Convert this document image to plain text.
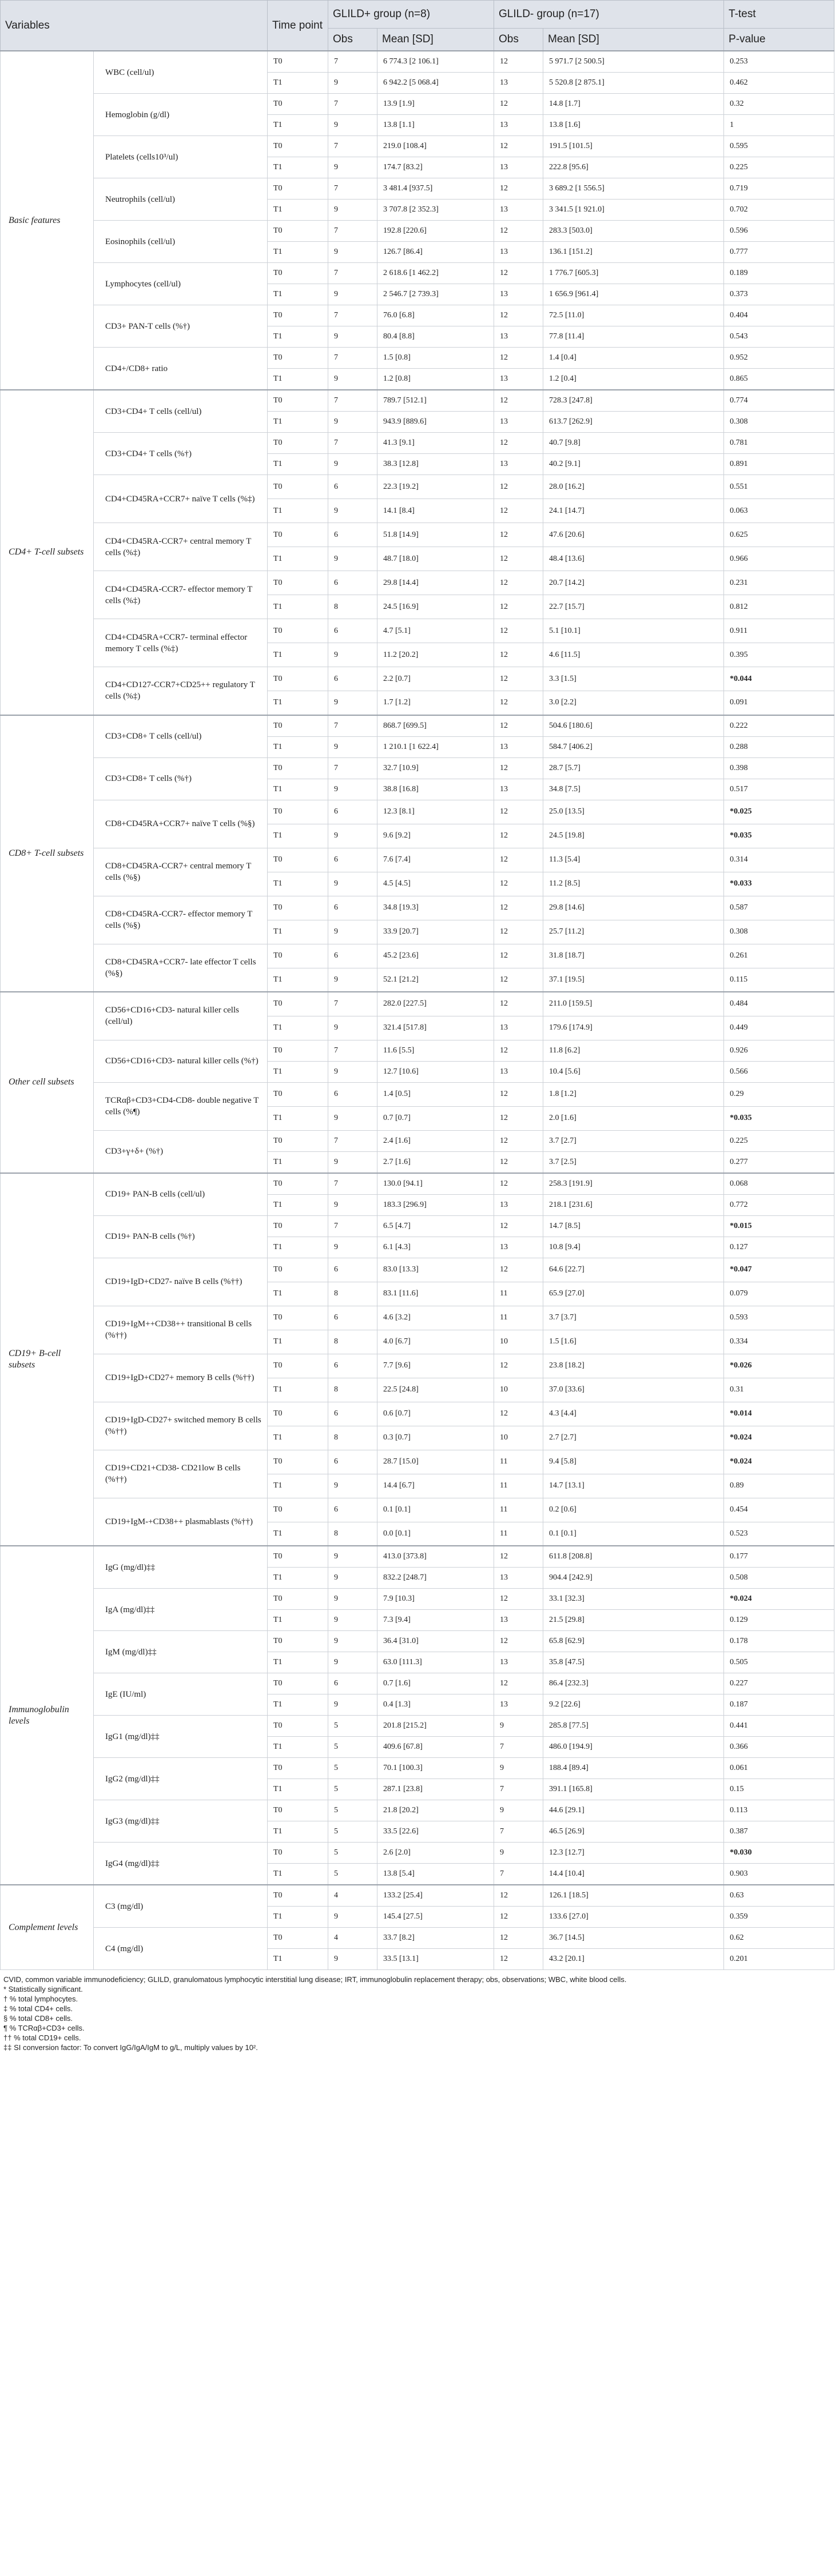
Variables		Time point	GLILD+ group (n=8)		GLILD- group (n=17)		T-test
			Obs	Mean [SD]	Obs	Mean [SD]	P-value
Basic features	WBC (cell/ul)	T0	7	6 774.3 [2 106.1]	12	5 971.7 [2 500.5]	0.253
		T1	9	6 942.2 [5 068.4]	13	5 520.8 [2 875.1]	0.462
	Hemoglobin (g/dl)	T0	7	13.9 [1.9]	12	14.8 [1.7]	0.32
		T1	9	13.8 [1.1]	13	13.8 [1.6]	1
	Platelets (cells10³/ul)	T0	7	219.0 [108.4]	12	191.5 [101.5]	0.595
		T1	9	174.7 [83.2]	13	222.8 [95.6]	0.225
	Neutrophils (cell/ul)	T0	7	3 481.4 [937.5]	12	3 689.2 [1 556.5]	0.719
		T1	9	3 707.8 [2 352.3]	13	3 341.5 [1 921.0]	0.702
	Eosinophils (cell/ul)	T0	7	192.8 [220.6]	12	283.3 [503.0]	0.596
		T1	9	126.7 [86.4]	13	136.1 [151.2]	0.777
	Lymphocytes (cell/ul)	T0	7	2 618.6 [1 462.2]	12	1 776.7 [605.3]	0.189
		T1	9	2 546.7 [2 739.3]	13	1 656.9 [961.4]	0.373
	CD3+ PAN-T cells (%†)	T0	7	76.0 [6.8]	12	72.5 [11.0]	0.404
		T1	9	80.4 [8.8]	13	77.8 [11.4]	0.543
	CD4+/CD8+ ratio	T0	7	1.5 [0.8]	12	1.4 [0.4]	0.952
		T1	9	1.2 [0.8]	13	1.2 [0.4]	0.865
CD4+ T-cell subsets	CD3+CD4+ T cells (cell/ul)	T0	7	789.7 [512.1]	12	728.3 [247.8]	0.774
		T1	9	943.9 [889.6]	13	613.7 [262.9]	0.308
	CD3+CD4+ T cells (%†)	T0	7	41.3 [9.1]	12	40.7 [9.8]	0.781
		T1	9	38.3 [12.8]	13	40.2 [9.1]	0.891
	CD4+CD45RA+CCR7+ naïve T cells (%‡)	T0	6	22.3 [19.2]	12	28.0 [16.2]	0.551
		T1	9	14.1 [8.4]	12	24.1 [14.7]	0.063
	CD4+CD45RA-CCR7+ central memory T cells (%‡)	T0	6	51.8 [14.9]	12	47.6 [20.6]	0.625
		T1	9	48.7 [18.0]	12	48.4 [13.6]	0.966
	CD4+CD45RA-CCR7- effector memory T cells (%‡)	T0	6	29.8 [14.4]	12	20.7 [14.2]	0.231
		T1	8	24.5 [16.9]	12	22.7 [15.7]	0.812
	CD4+CD45RA+CCR7- terminal effector memory T cells (%‡)	T0	6	4.7 [5.1]	12	5.1 [10.1]	0.911
		T1	9	11.2 [20.2]	12	4.6 [11.5]	0.395
	CD4+CD127-CCR7+CD25++ regulatory T cells (%‡)	T0	6	2.2 [0.7]	12	3.3 [1.5]	*0.044
		T1	9	1.7 [1.2]	12	3.0 [2.2]	0.091
CD8+ T-cell subsets	CD3+CD8+ T cells (cell/ul)	T0	7	868.7 [699.5]	12	504.6 [180.6]	0.222
		T1	9	1 210.1 [1 622.4]	13	584.7 [406.2]	0.288
	CD3+CD8+ T cells (%†)	T0	7	32.7 [10.9]	12	28.7 [5.7]	0.398
		T1	9	38.8 [16.8]	13	34.8 [7.5]	0.517
	CD8+CD45RA+CCR7+ naïve T cells (%§)	T0	6	12.3 [8.1]	12	25.0 [13.5]	*0.025
		T1	9	9.6 [9.2]	12	24.5 [19.8]	*0.035
	CD8+CD45RA-CCR7+ central memory T cells (%§)	T0	6	7.6 [7.4]	12	11.3 [5.4]	0.314
		T1	9	4.5 [4.5]	12	11.2 [8.5]	*0.033
	CD8+CD45RA-CCR7- effector memory T cells (%§)	T0	6	34.8 [19.3]	12	29.8 [14.6]	0.587
		T1	9	33.9 [20.7]	12	25.7 [11.2]	0.308
	CD8+CD45RA+CCR7- late effector T cells (%§)	T0	6	45.2 [23.6]	12	31.8 [18.7]	0.261
		T1	9	52.1 [21.2]	12	37.1 [19.5]	0.115
Other cell subsets	CD56+CD16+CD3- natural killer cells (cell/ul)	T0	7	282.0 [227.5]	12	211.0 [159.5]	0.484
		T1	9	321.4 [517.8]	13	179.6 [174.9]	0.449
	CD56+CD16+CD3- natural killer cells (%†)	T0	7	11.6 [5.5]	12	11.8 [6.2]	0.926
		T1	9	12.7 [10.6]	13	10.4 [5.6]	0.566
	TCRαβ+CD3+CD4-CD8- double negative T cells (%¶)	T0	6	1.4 [0.5]	12	1.8 [1.2]	0.29
		T1	9	0.7 [0.7]	12	2.0 [1.6]	*0.035
	CD3+γ+δ+ (%†)	T0	7	2.4 [1.6]	12	3.7 [2.7]	0.225
		T1	9	2.7 [1.6]	12	3.7 [2.5]	0.277
CD19+ B-cell subsets	CD19+ PAN-B cells (cell/ul)	T0	7	130.0 [94.1]	12	258.3 [191.9]	0.068
		T1	9	183.3 [296.9]	13	218.1 [231.6]	0.772
	CD19+ PAN-B cells (%†)	T0	7	6.5 [4.7]	12	14.7 [8.5]	*0.015
		T1	9	6.1 [4.3]	13	10.8 [9.4]	0.127
	CD19+IgD+CD27- naïve B cells (%††)	T0	6	83.0 [13.3]	12	64.6 [22.7]	*0.047
		T1	8	83.1 [11.6]	11	65.9 [27.0]	0.079
	CD19+IgM++CD38++ transitional B cells (%††)	T0	6	4.6 [3.2]	11	3.7 [3.7]	0.593
		T1	8	4.0 [6.7]	10	1.5 [1.6]	0.334
	CD19+IgD+CD27+ memory B cells (%††)	T0	6	7.7 [9.6]	12	23.8 [18.2]	*0.026
		T1	8	22.5 [24.8]	10	37.0 [33.6]	0.31
	CD19+IgD-CD27+ switched memory B cells (%††)	T0	6	0.6 [0.7]	12	4.3 [4.4]	*0.014
		T1	8	0.3 [0.7]	10	2.7 [2.7]	*0.024
	CD19+CD21+CD38- CD21low B cells (%††)	T0	6	28.7 [15.0]	11	9.4 [5.8]	*0.024
		T1	9	14.4 [6.7]	11	14.7 [13.1]	0.89
	CD19+IgM-+CD38++ plasmablasts (%††)	T0	6	0.1 [0.1]	11	0.2 [0.6]	0.454
		T1	8	0.0 [0.1]	11	0.1 [0.1]	0.523
Immunoglobulin levels	IgG (mg/dl)‡‡	T0	9	413.0 [373.8]	12	611.8 [208.8]	0.177
		T1	9	832.2 [248.7]	13	904.4 [242.9]	0.508
	IgA (mg/dl)‡‡	T0	9	7.9 [10.3]	12	33.1 [32.3]	*0.024
		T1	9	7.3 [9.4]	13	21.5 [29.8]	0.129
	IgM (mg/dl)‡‡	T0	9	36.4 [31.0]	12	65.8 [62.9]	0.178
		T1	9	63.0 [111.3]	13	35.8 [47.5]	0.505
	IgE (IU/ml)	T0	6	0.7 [1.6]	12	86.4 [232.3]	0.227
		T1	9	0.4 [1.3]	13	9.2 [22.6]	0.187
	IgG1 (mg/dl)‡‡	T0	5	201.8 [215.2]	9	285.8 [77.5]	0.441
		T1	5	409.6 [67.8]	7	486.0 [194.9]	0.366
	IgG2 (mg/dl)‡‡	T0	5	70.1 [100.3]	9	188.4 [89.4]	0.061
		T1	5	287.1 [23.8]	7	391.1 [165.8]	0.15
	IgG3 (mg/dl)‡‡	T0	5	21.8 [20.2]	9	44.6 [29.1]	0.113
		T1	5	33.5 [22.6]	7	46.5 [26.9]	0.387
	IgG4 (mg/dl)‡‡	T0	5	2.6 [2.0]	9	12.3 [12.7]	*0.030
		T1	5	13.8 [5.4]	7	14.4 [10.4]	0.903
Complement levels	C3 (mg/dl)	T0	4	133.2 [25.4]	12	126.1 [18.5]	0.63
		T1	9	145.4 [27.5]	12	133.6 [27.0]	0.359
	C4 (mg/dl)	T0	4	33.7 [8.2]	12	36.7 [14.5]	0.62
		T1	9	33.5 [13.1]	12	43.2 [20.1]	0.201
CVID, common variable immunodeficiency; GLILD, granulomatous lymphocytic interstitial lung disease; IRT, immunoglobulin replacement therapy; obs, observations; WBC, white blood cells.
* Statistically significant.
† % total lymphocytes.
‡ % total CD4+ cells.
§ % total CD8+ cells.
¶ % TCRαβ+CD3+ cells.
†† % total CD19+ cells.
‡‡ SI conversion factor: To convert IgG/IgA/IgM to g/L, multiply values by 10².
